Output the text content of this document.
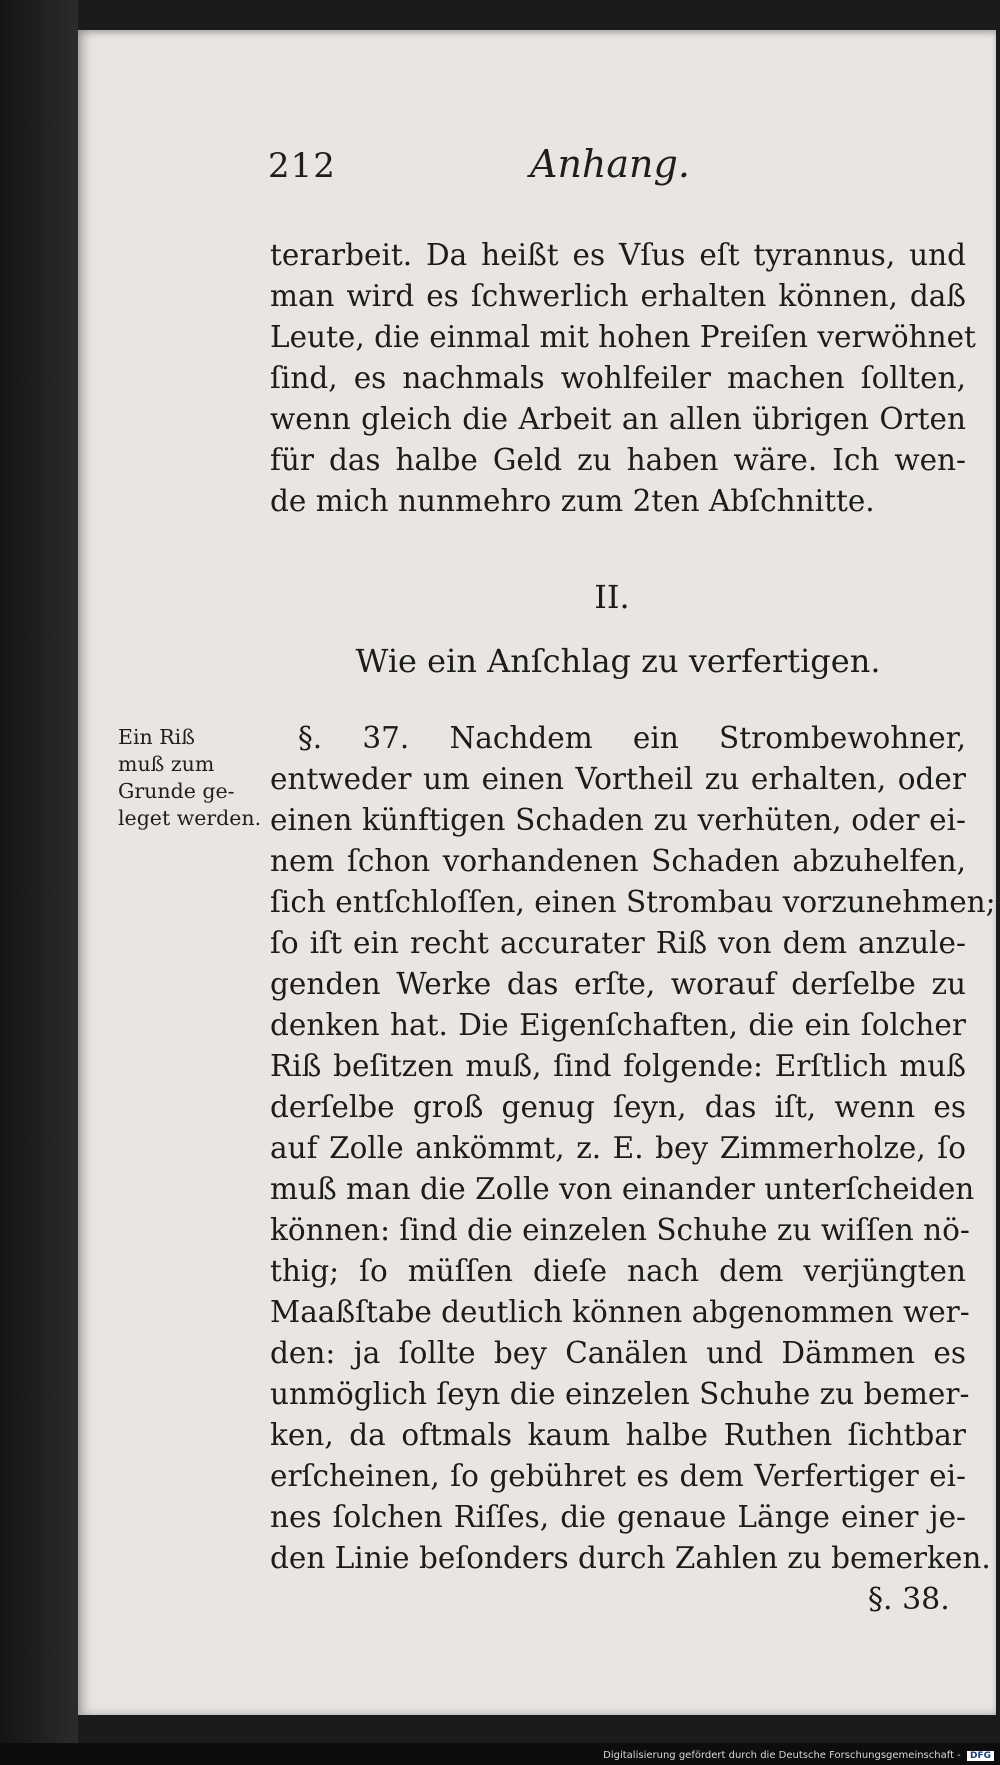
212	Anhang.
terarbeit. Da heißt es Vſus eſt tyrannus, und
man wird es ſchwerlich erhalten können, daß
Leute, die einmal mit hohen Preiſen verwöhnet
ſind, es nachmals wohlfeiler machen ſollten,
wenn gleich die Arbeit an allen übrigen Orten
für das halbe Geld zu haben wäre. Ich wen-
de mich nunmehro zum 2ten Abſchnitte.
II.
Wie ein Anſchlag zu verfertigen.
Ein Riß
muß zum
Grunde ge-
leget werden.
§. 37. Nachdem ein Strombewohner,
entweder um einen Vortheil zu erhalten, oder
einen künftigen Schaden zu verhüten, oder ei-
nem ſchon vorhandenen Schaden abzuhelfen,
ſich entſchloſſen, einen Strombau vorzunehmen;
ſo iſt ein recht accurater Riß von dem anzule-
genden Werke das erſte, worauf derſelbe zu
denken hat. Die Eigenſchaften, die ein ſolcher
Riß beſitzen muß, ſind folgende: Erſtlich muß
derſelbe groß genug ſeyn, das iſt, wenn es
auf Zolle ankömmt, z. E. bey Zimmerholze, ſo
muß man die Zolle von einander unterſcheiden
können: ſind die einzelen Schuhe zu wiſſen nö-
thig; ſo müſſen dieſe nach dem verjüngten
Maaßſtabe deutlich können abgenommen wer-
den: ja ſollte bey Canälen und Dämmen es
unmöglich ſeyn die einzelen Schuhe zu bemer-
ken, da oftmals kaum halbe Ruthen ſichtbar
erſcheinen, ſo gebühret es dem Verfertiger ei-
nes ſolchen Riſſes, die genaue Länge einer je-
den Linie beſonders durch Zahlen zu bemerken.
§. 38.
Digitalisierung gefördert durch die Deutsche Forschungsgemeinschaft - DFG
